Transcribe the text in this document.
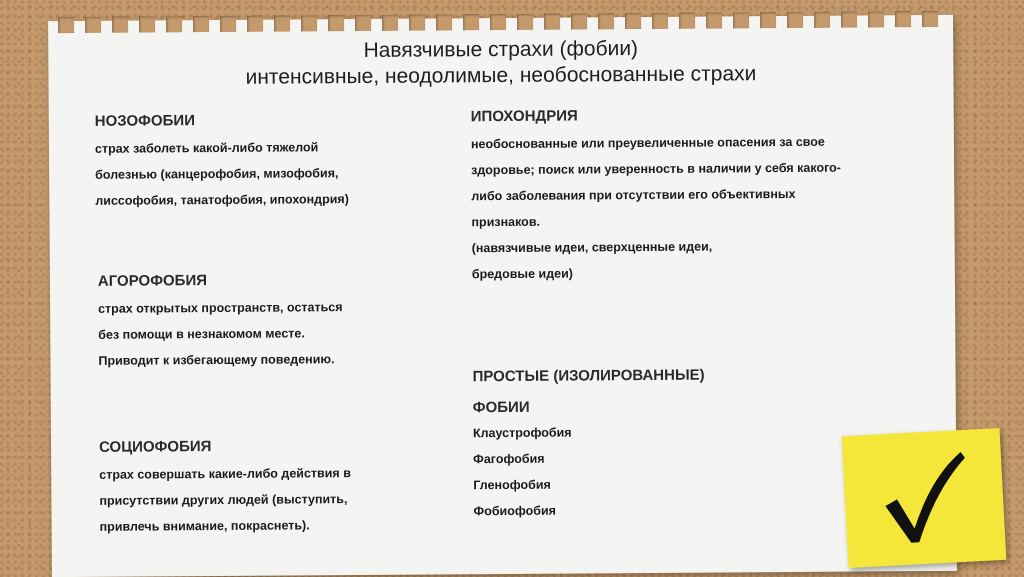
Навязчивые страхи (фобии)
интенсивные, неодолимые, необоснованные страхи
НОЗОФОБИИ
страх заболеть какой-либо тяжелой
болезнью (канцерофобия, мизофобия,
лиссофобия, танатофобия, ипохондрия)
АГОРОФОБИЯ
страх открытых пространств, остаться
без помощи в незнакомом месте.
Приводит к избегающему поведению.
СОЦИОФОБИЯ
страх совершать какие-либо действия в
присутствии других людей (выступить,
привлечь внимание, покраснеть).
ИПОХОНДРИЯ
необоснованные или преувеличенные опасения за свое
здоровье; поиск или уверенность в наличии у себя какого-
либо заболевания при отсутствии его объективных
признаков.
(навязчивые идеи, сверхценные идеи,
бредовые идеи)
ПРОСТЫЕ (ИЗОЛИРОВАННЫЕ)
ФОБИИ
Клаустрофобия
Фагофобия
Гленофобия
Фобиофобия
